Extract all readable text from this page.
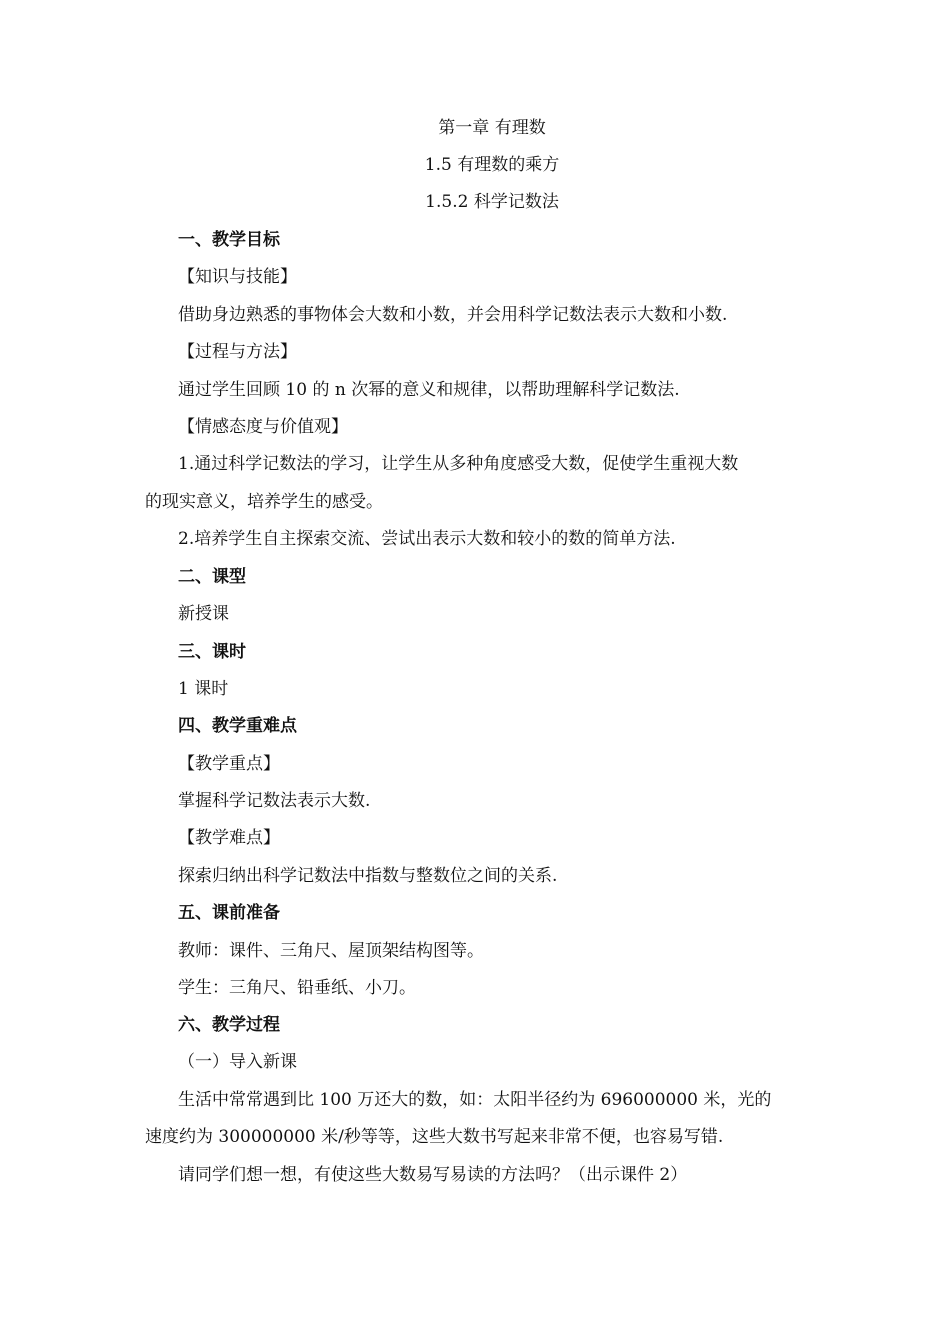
第一章 有理数
1.5 有理数的乘方
1.5.2 科学记数法
一、教学目标
【知识与技能】
借助身边熟悉的事物体会大数和小数，并会用科学记数法表示大数和小数.
【过程与方法】
通过学生回顾 10 的 n 次幂的意义和规律，以帮助理解科学记数法.
【情感态度与价值观】
1.通过科学记数法的学习，让学生从多种角度感受大数，促使学生重视大数
的现实意义，培养学生的感受。
2.培养学生自主探索交流、尝试出表示大数和较小的数的简单方法.
二、课型
新授课
三、课时
1 课时
四、教学重难点
【教学重点】
掌握科学记数法表示大数.
【教学难点】
探索归纳出科学记数法中指数与整数位之间的关系.
五、课前准备
教师：课件、三角尺、屋顶架结构图等。
学生：三角尺、铅垂纸、小刀。
六、教学过程
（一）导入新课
生活中常常遇到比 100 万还大的数，如：太阳半径约为 696000000 米，光的
速度约为 300000000 米/秒等等，这些大数书写起来非常不便，也容易写错.
请同学们想一想，有使这些大数易写易读的方法吗？（出示课件 2）
